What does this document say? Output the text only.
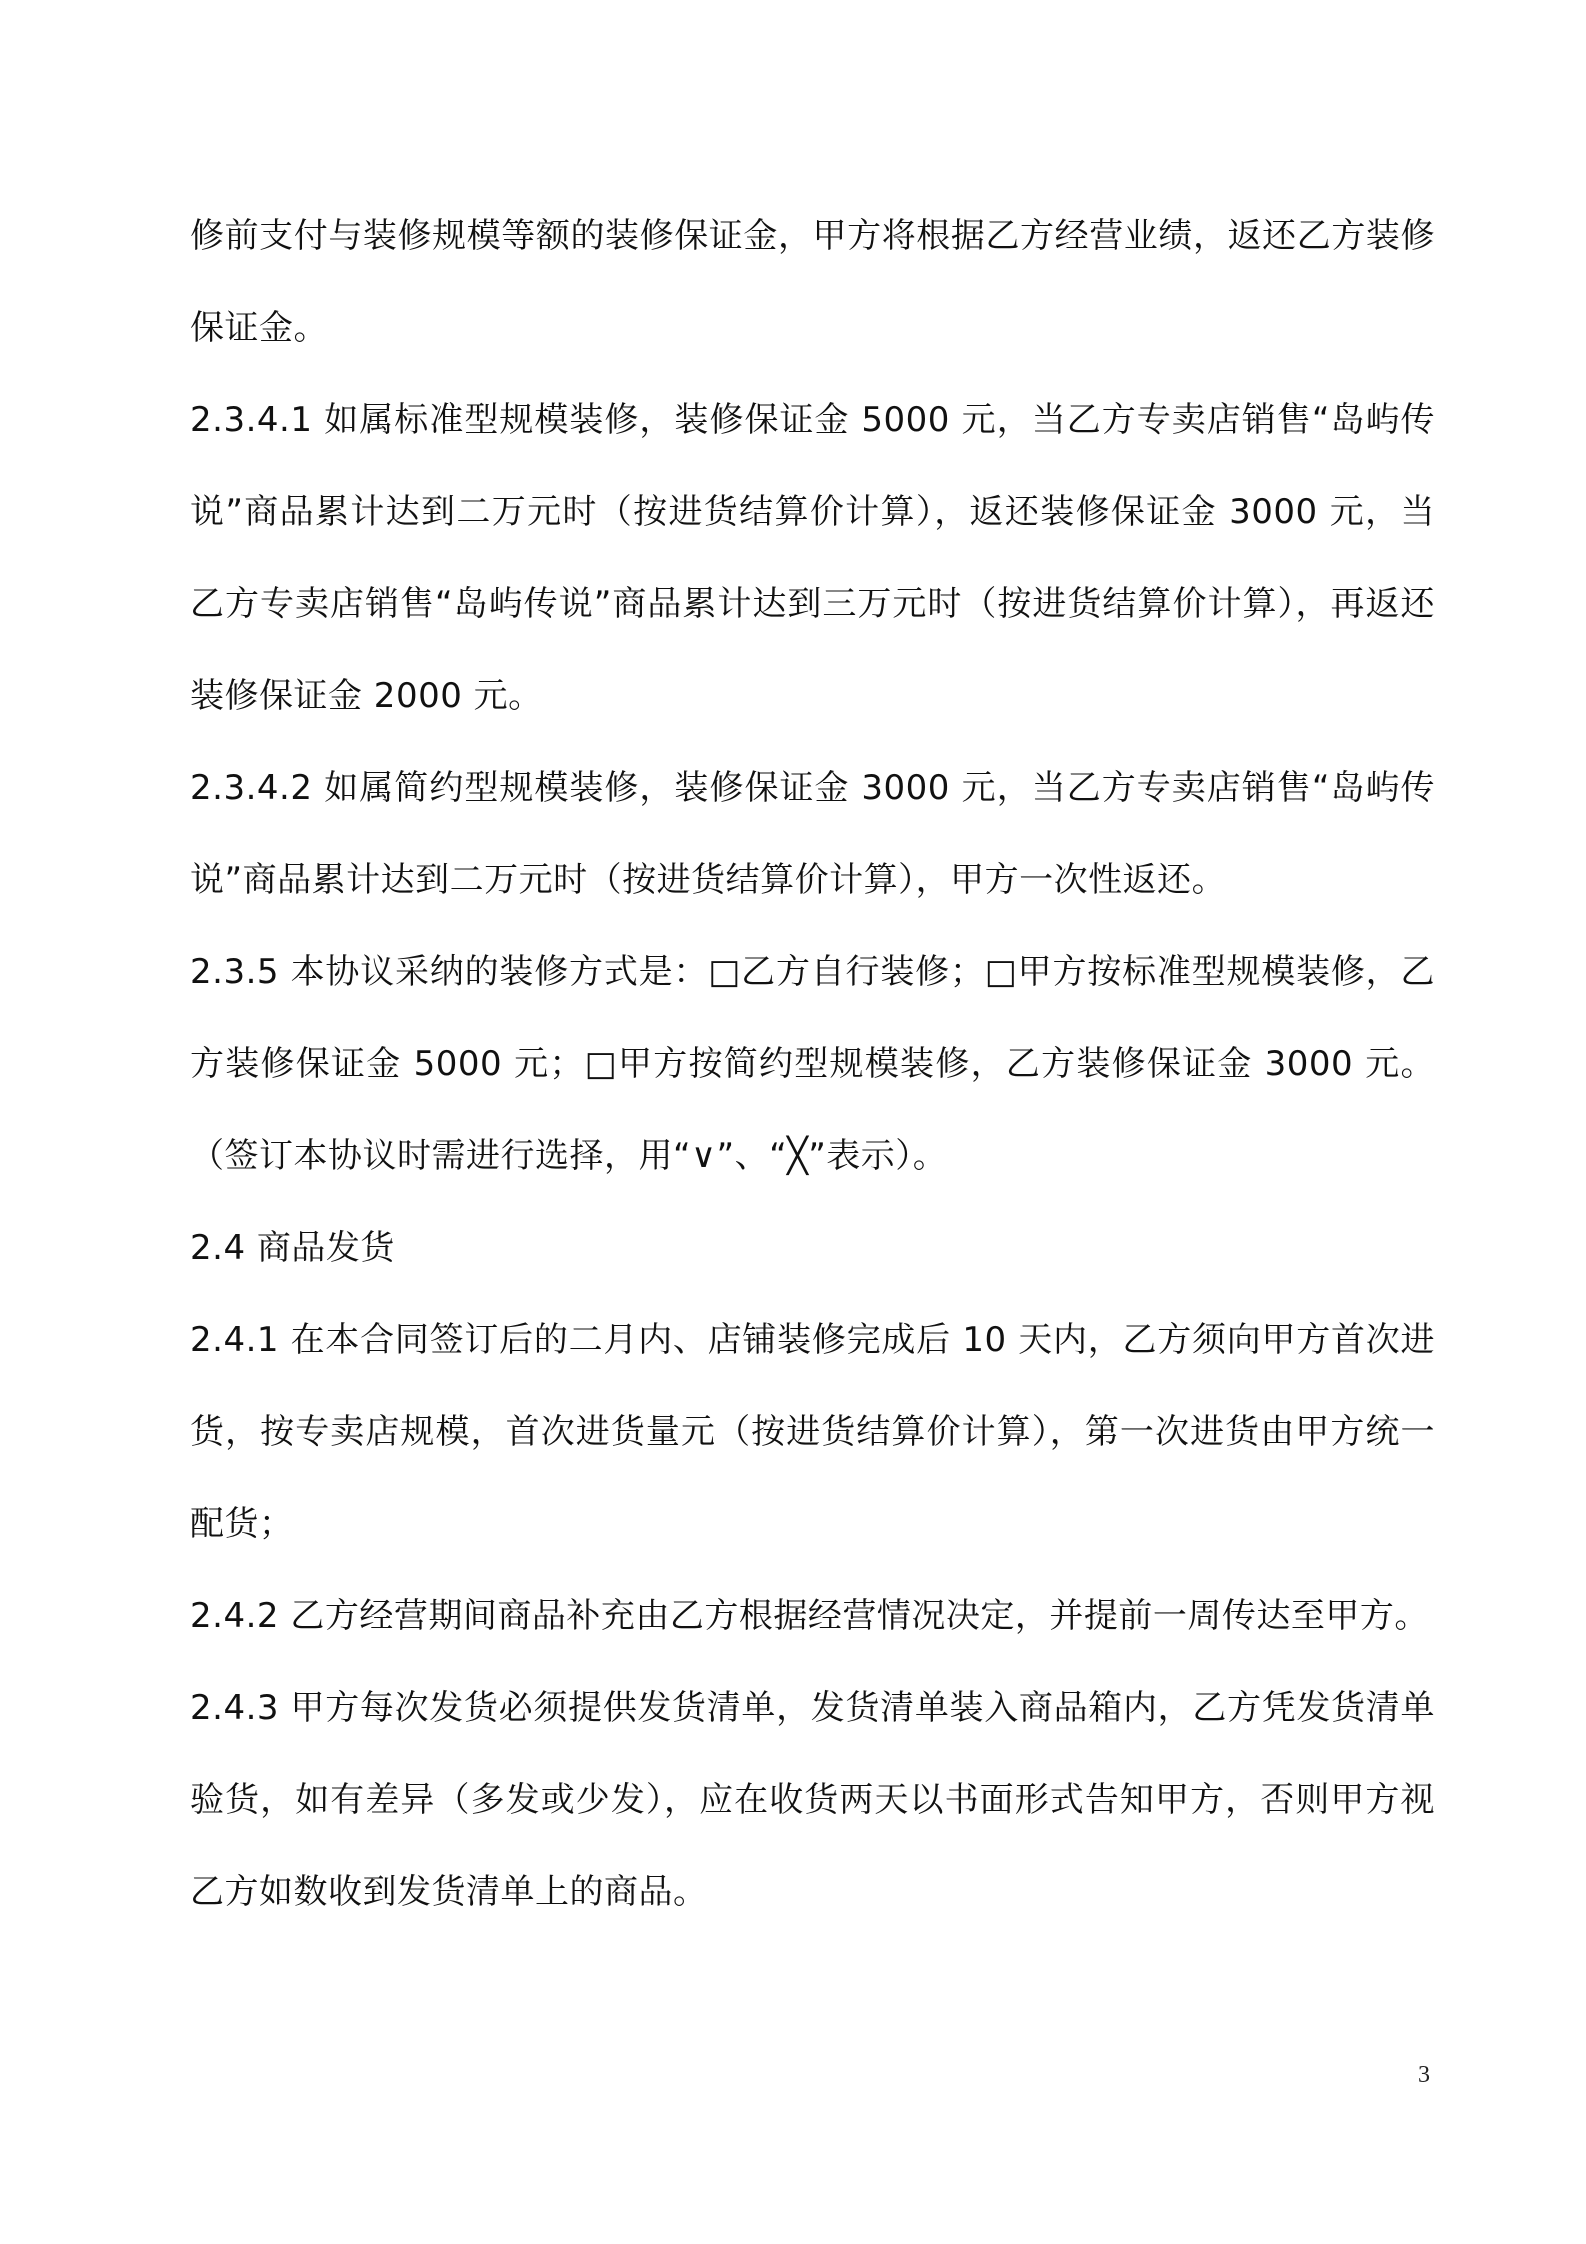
修前支付与装修规模等额的装修保证金，甲方将根据乙方经营业绩，返还乙方装修保证金。

2.3.4.1 如属标准型规模装修，装修保证金 5000 元，当乙方专卖店销售“岛屿传说”商品累计达到二万元时（按进货结算价计算），返还装修保证金 3000 元，当乙方专卖店销售“岛屿传说”商品累计达到三万元时（按进货结算价计算），再返还装修保证金 2000 元。

2.3.4.2 如属简约型规模装修，装修保证金 3000 元，当乙方专卖店销售“岛屿传说”商品累计达到二万元时（按进货结算价计算），甲方一次性返还。

2.3.5 本协议采纳的装修方式是：□乙方自行装修；□甲方按标准型规模装修，乙方装修保证金 5000 元；□甲方按简约型规模装修，乙方装修保证金 3000 元。（签订本协议时需进行选择，用“∨”、“╳”表示）。

2.4 商品发货

2.4.1 在本合同签订后的二月内、店铺装修完成后 10 天内，乙方须向甲方首次进货，按专卖店规模，首次进货量元（按进货结算价计算），第一次进货由甲方统一配货；

2.4.2 乙方经营期间商品补充由乙方根据经营情况决定，并提前一周传达至甲方。

2.4.3 甲方每次发货必须提供发货清单，发货清单装入商品箱内，乙方凭发货清单验货，如有差异（多发或少发），应在收货两天以书面形式告知甲方，否则甲方视乙方如数收到发货清单上的商品。

3
